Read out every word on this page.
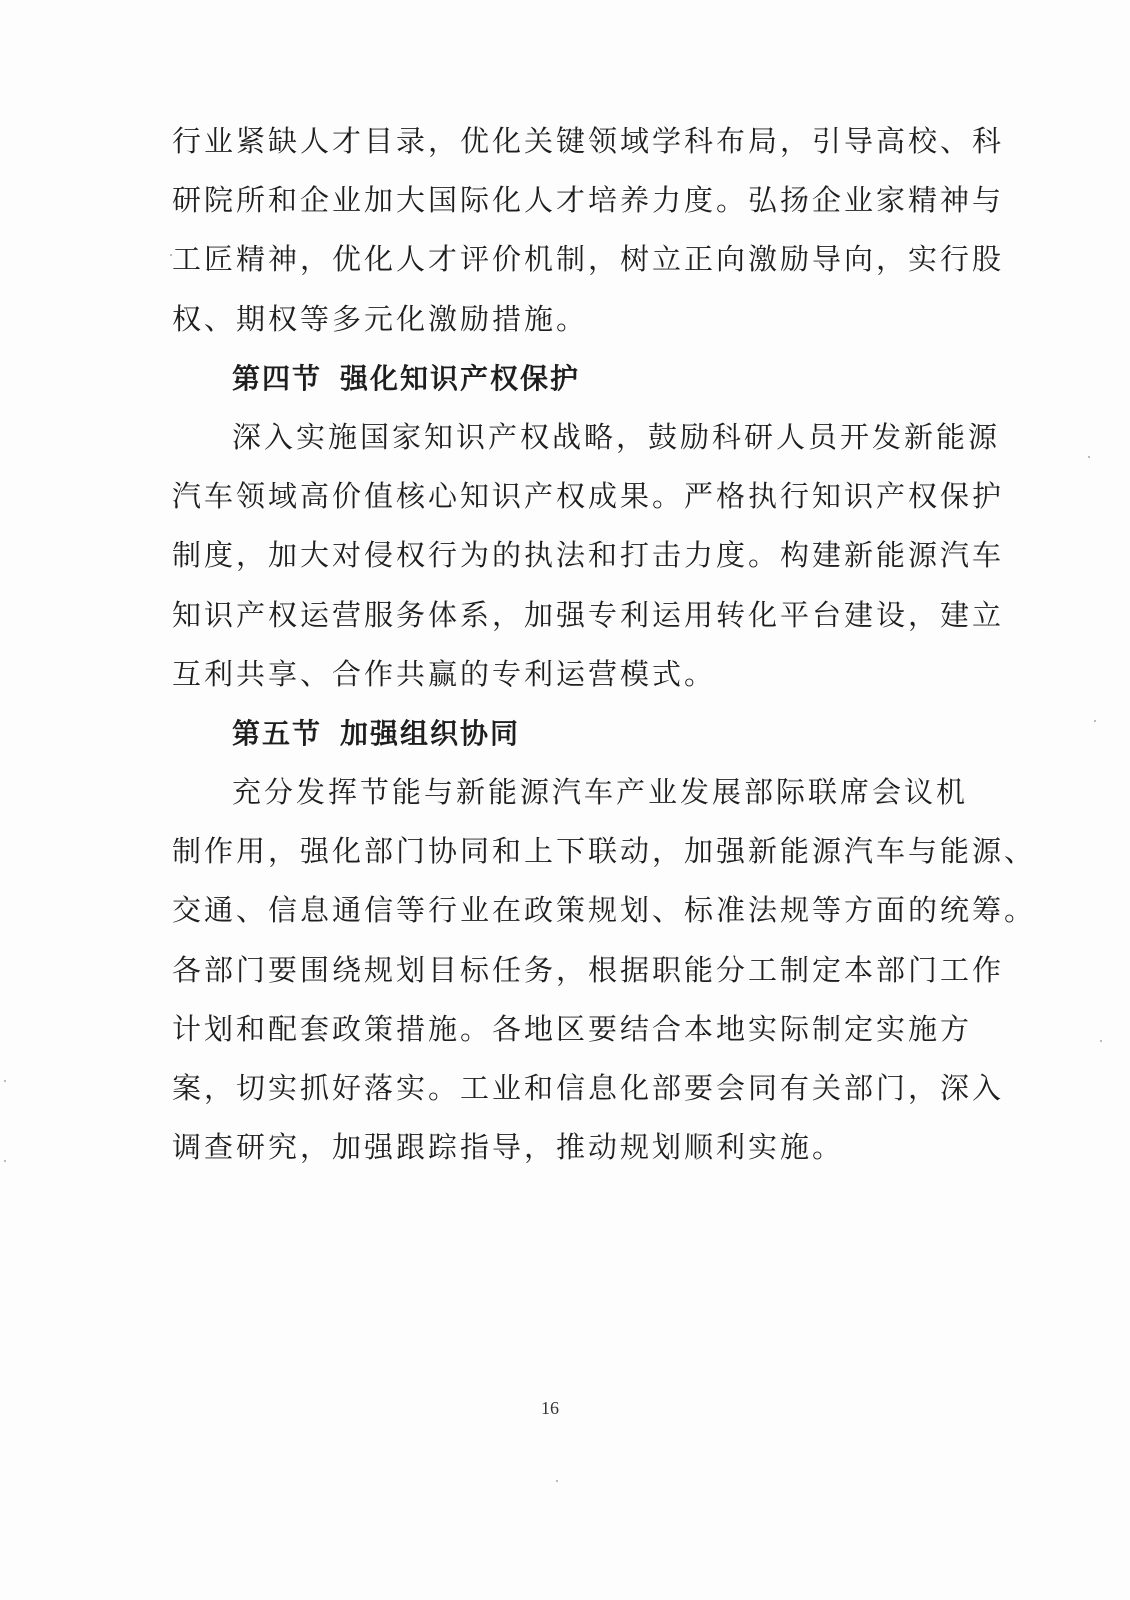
行业紧缺人才目录，优化关键领域学科布局，引导高校、科
研院所和企业加大国际化人才培养力度。弘扬企业家精神与
工匠精神，优化人才评价机制，树立正向激励导向，实行股
权、期权等多元化激励措施。
第四节 强化知识产权保护
深入实施国家知识产权战略，鼓励科研人员开发新能源
汽车领域高价值核心知识产权成果。严格执行知识产权保护
制度，加大对侵权行为的执法和打击力度。构建新能源汽车
知识产权运营服务体系，加强专利运用转化平台建设，建立
互利共享、合作共赢的专利运营模式。
第五节 加强组织协同
充分发挥节能与新能源汽车产业发展部际联席会议机
制作用，强化部门协同和上下联动，加强新能源汽车与能源、
交通、信息通信等行业在政策规划、标准法规等方面的统筹。
各部门要围绕规划目标任务，根据职能分工制定本部门工作
计划和配套政策措施。各地区要结合本地实际制定实施方
案，切实抓好落实。工业和信息化部要会同有关部门，深入
调查研究，加强跟踪指导，推动规划顺利实施。
16
